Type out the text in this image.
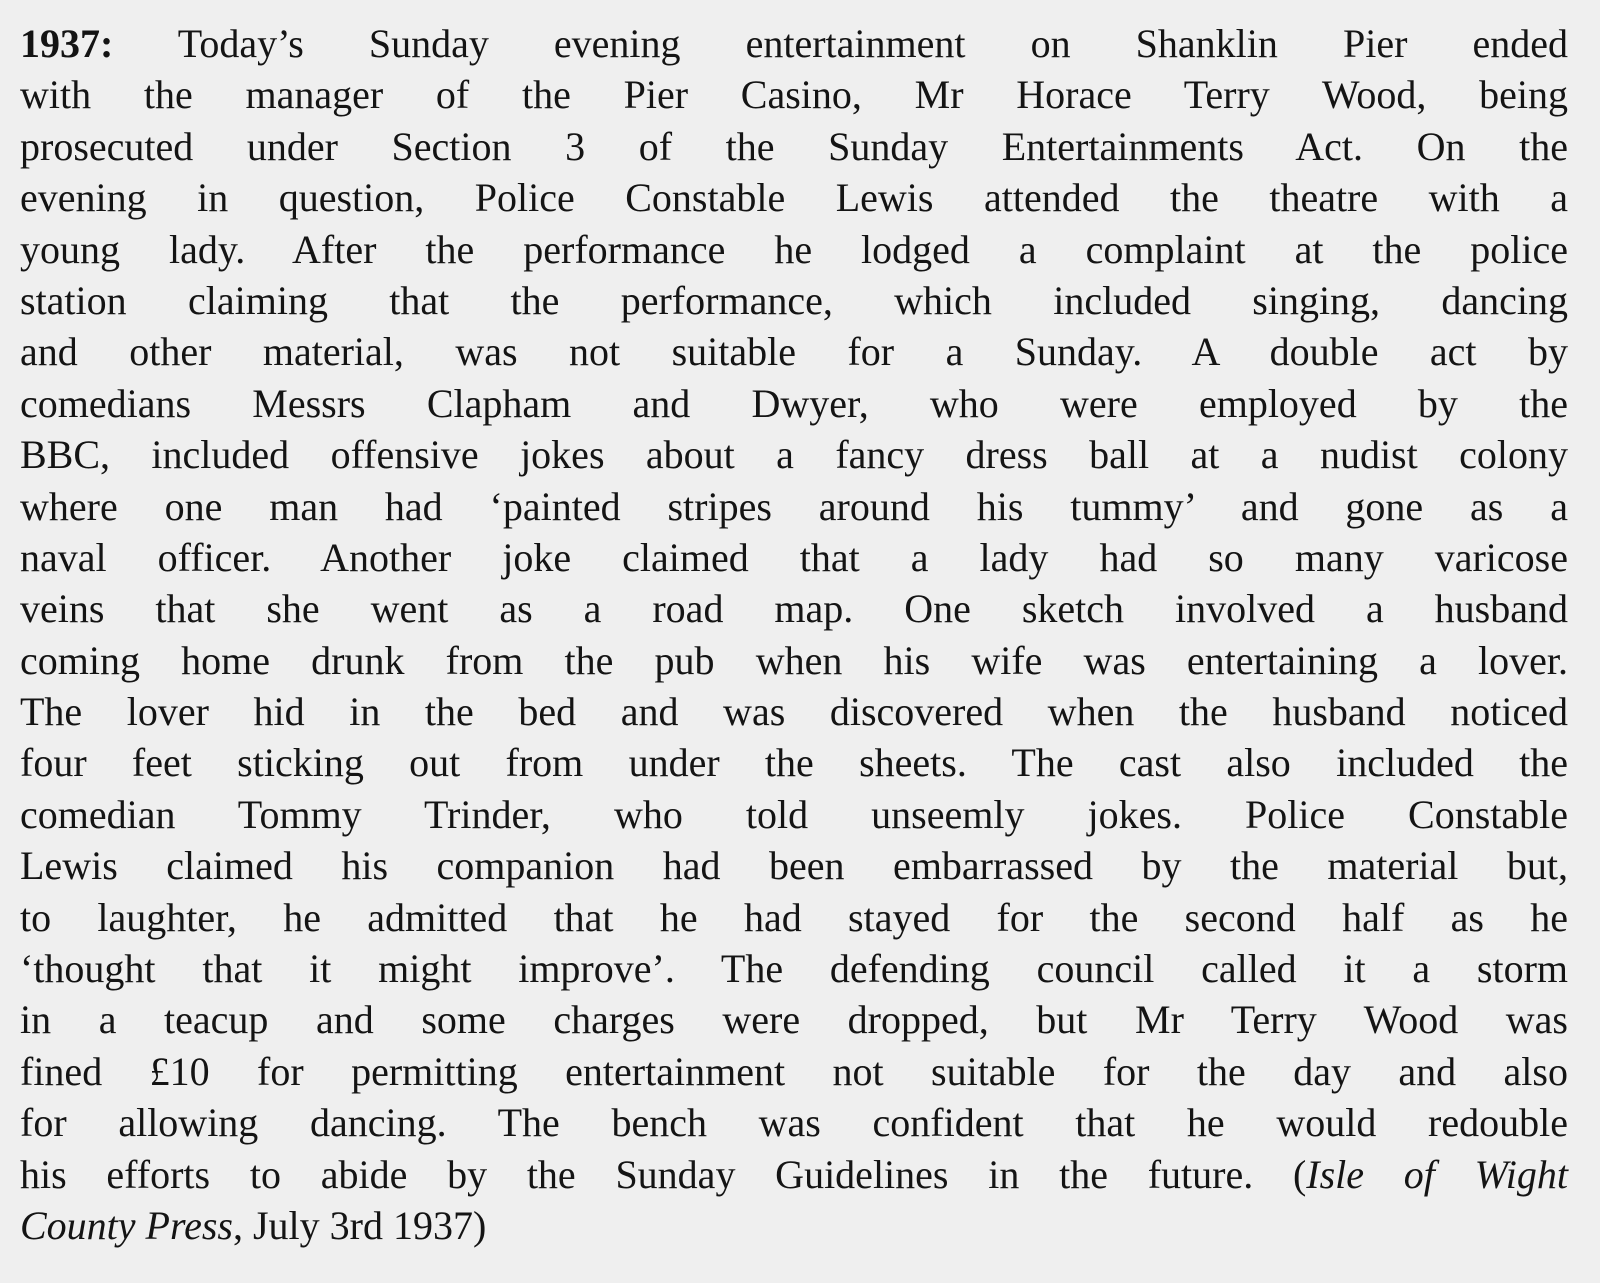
1937: Today’s Sunday evening entertainment on Shanklin Pier ended
with the manager of the Pier Casino, Mr Horace Terry Wood, being
prosecuted under Section 3 of the Sunday Entertainments Act. On the
evening in question, Police Constable Lewis attended the theatre with a
young lady. After the performance he lodged a complaint at the police
station claiming that the performance, which included singing, dancing
and other material, was not suitable for a Sunday. A double act by
comedians Messrs Clapham and Dwyer, who were employed by the
BBC, included offensive jokes about a fancy dress ball at a nudist colony
where one man had ‘painted stripes around his tummy’ and gone as a
naval officer. Another joke claimed that a lady had so many varicose
veins that she went as a road map. One sketch involved a husband
coming home drunk from the pub when his wife was entertaining a lover.
The lover hid in the bed and was discovered when the husband noticed
four feet sticking out from under the sheets. The cast also included the
comedian Tommy Trinder, who told unseemly jokes. Police Constable
Lewis claimed his companion had been embarrassed by the material but,
to laughter, he admitted that he had stayed for the second half as he
‘thought that it might improve’. The defending council called it a storm
in a teacup and some charges were dropped, but Mr Terry Wood was
fined £10 for permitting entertainment not suitable for the day and also
for allowing dancing. The bench was confident that he would redouble
his efforts to abide by the Sunday Guidelines in the future. (Isle of Wight
County Press, July 3rd 1937)
